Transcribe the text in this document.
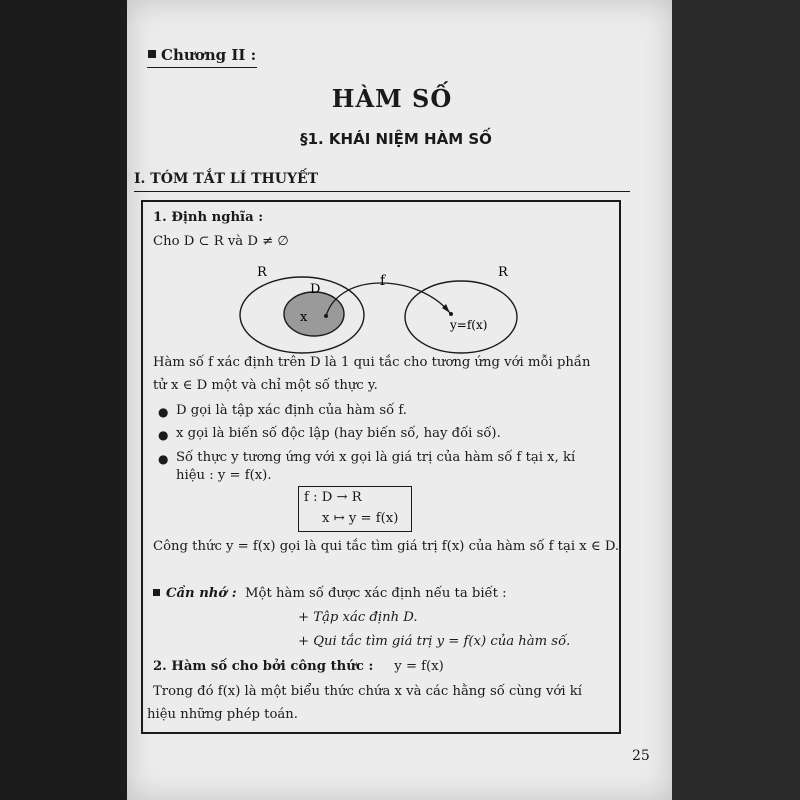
Chương II :
HÀM SỐ
§1. KHÁI NIỆM HÀM SỐ
I. TÓM TẮT LÍ THUYẾT
1. Định nghĩa :
Cho D ⊂ R và D ≠ ∅
R
D
x
f
R
y=f(x)
Hàm số f xác định trên D là 1 qui tắc cho tương ứng với mỗi phần
tử x ∈ D một và chỉ một số thực y.
● D gọi là tập xác định của hàm số f.
● x gọi là biến số độc lập (hay biến số, hay đối số).
● Số thực y tương ứng với x gọi là giá trị của hàm số f tại x, kí
hiệu : y = f(x).
f : D → R
x ↦ y = f(x)
Công thức y = f(x) gọi là qui tắc tìm giá trị f(x) của hàm số f tại x ∈ D.
Cần nhớ : Một hàm số được xác định nếu ta biết :
+ Tập xác định D.
+ Qui tắc tìm giá trị y = f(x) của hàm số.
2. Hàm số cho bởi công thức : y = f(x)
Trong đó f(x) là một biểu thức chứa x và các hằng số cùng với kí
hiệu những phép toán.
25
